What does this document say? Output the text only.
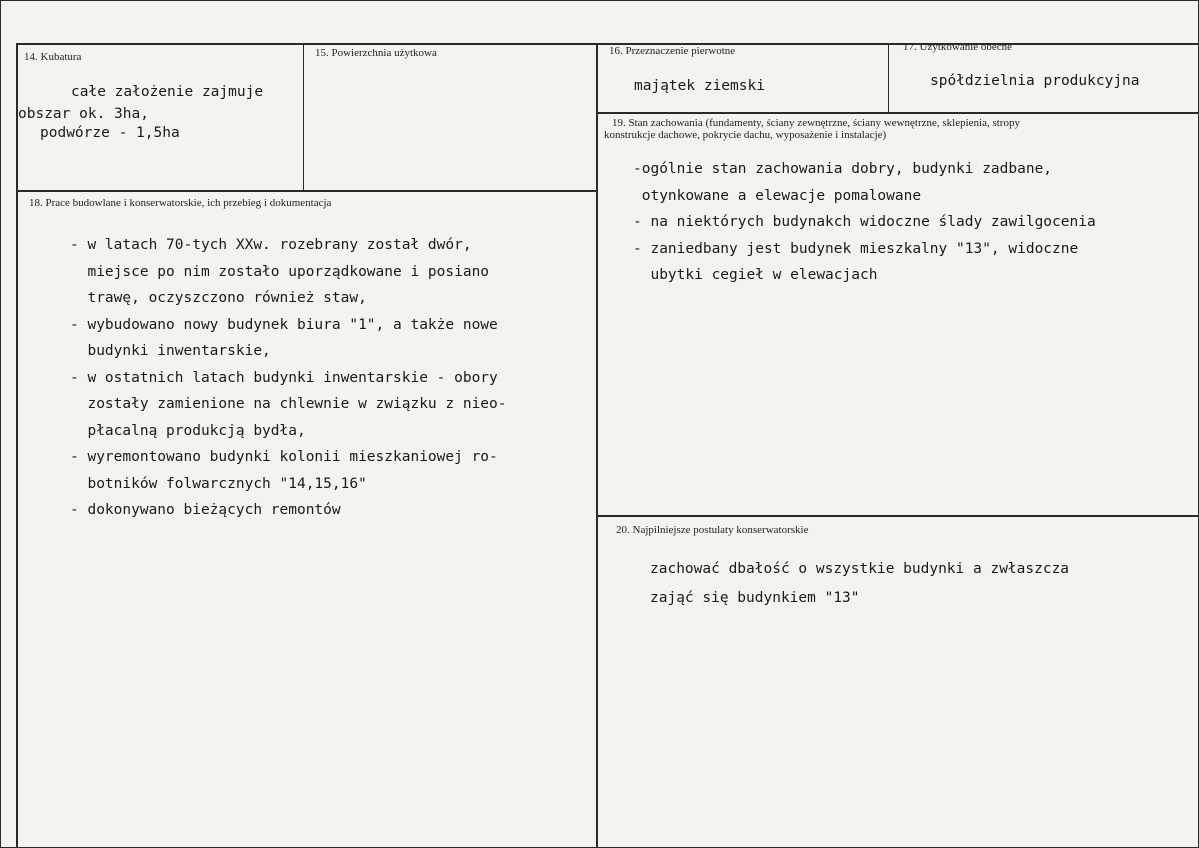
14. Kubatura
całe założenie zajmuje
obszar ok. 3ha,
podwórze - 1,5ha
15. Powierzchnia użytkowa	16. Przeznaczenie pierwotne
majątek ziemski
17. Użytkowanie obecne
spółdzielnia produkcyjna
18. Prace budowlane i konserwatorskie, ich przebieg i dokumentacja
- w latach 70-tych XXw. rozebrany został dwór,
miejsce po nim zostało uporządkowane i posiano
trawę, oczyszczono również staw,
- wybudowano nowy budynek biura "1", a także nowe
budynki inwentarskie,
- w ostatnich latach budynki inwentarskie - obory
zostały zamienione na chlewnie w związku z nieo-
płacalną produkcją bydła,
- wyremontowano budynki kolonii mieszkaniowej ro-
botników folwarcznych "14,15,16"
- dokonywano bieżących remontów
19. Stan zachowania (fundamenty, ściany zewnętrzne, ściany wewnętrzne, sklepienia, stropy
konstrukcje dachowe, pokrycie dachu, wyposażenie i instalacje)
-ogólnie stan zachowania dobry, budynki zadbane,
otynkowane a elewacje pomalowane
- na niektórych budynakch widoczne ślady zawilgocenia
- zaniedbany jest budynek mieszkalny "13", widoczne
ubytki cegieł w elewacjach
20. Najpilniejsze postulaty konserwatorskie
zachować dbałość o wszystkie budynki a zwłaszcza
zająć się budynkiem "13"
